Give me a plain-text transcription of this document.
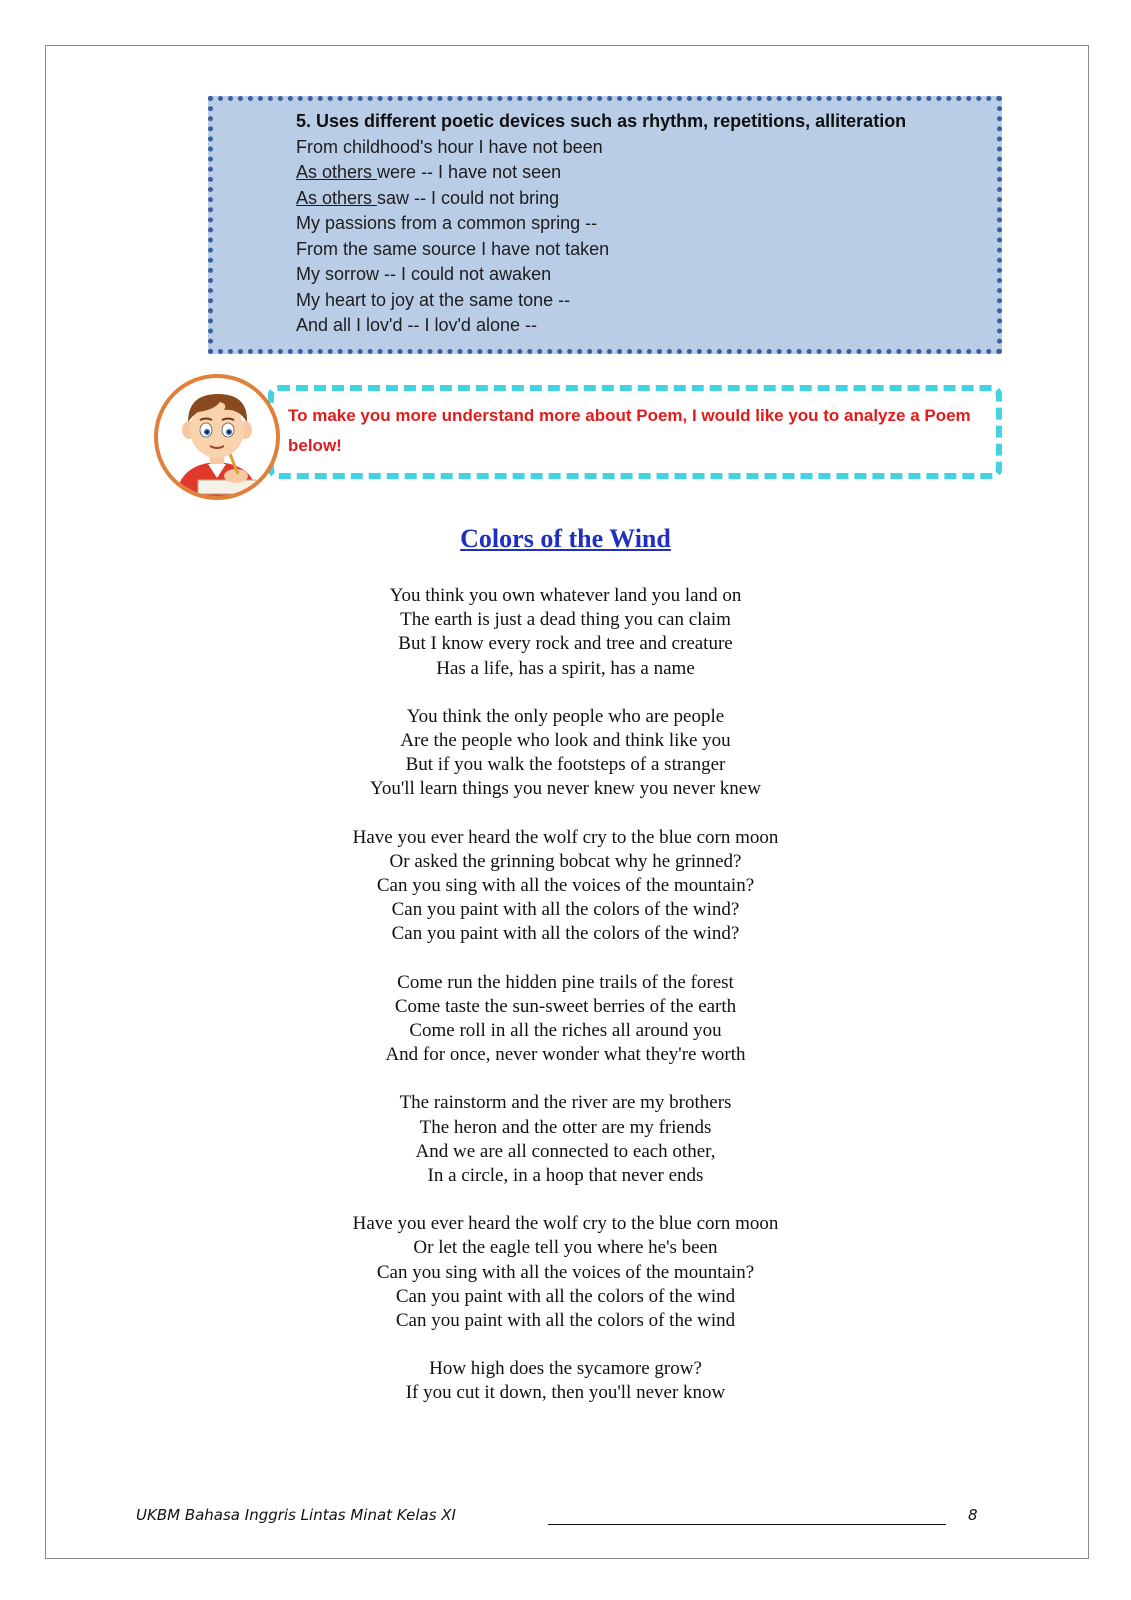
5. Uses different poetic devices such as rhythm, repetitions, alliteration
From childhood's hour I have not been
As others were -- I have not seen
As others saw -- I could not bring
My passions from a common spring --
From the same source I have not taken
My sorrow -- I could not awaken
My heart to joy at the same tone --
And all I lov'd -- I lov'd alone --
To make you more understand more about Poem, I would like you to analyze a Poem below!
Colors of the Wind
You think you own whatever land you land on
The earth is just a dead thing you can claim
But I know every rock and tree and creature
Has a life, has a spirit, has a name
You think the only people who are people
Are the people who look and think like you
But if you walk the footsteps of a stranger
You'll learn things you never knew you never knew
Have you ever heard the wolf cry to the blue corn moon
Or asked the grinning bobcat why he grinned?
Can you sing with all the voices of the mountain?
Can you paint with all the colors of the wind?
Can you paint with all the colors of the wind?
Come run the hidden pine trails of the forest
Come taste the sun-sweet berries of the earth
Come roll in all the riches all around you
And for once, never wonder what they're worth
The rainstorm and the river are my brothers
The heron and the otter are my friends
And we are all connected to each other,
In a circle, in a hoop that never ends
Have you ever heard the wolf cry to the blue corn moon
Or let the eagle tell you where he's been
Can you sing with all the voices of the mountain?
Can you paint with all the colors of the wind
Can you paint with all the colors of the wind
How high does the sycamore grow?
If you cut it down, then you'll never know
UKBM Bahasa Inggris Lintas Minat Kelas XI	8
